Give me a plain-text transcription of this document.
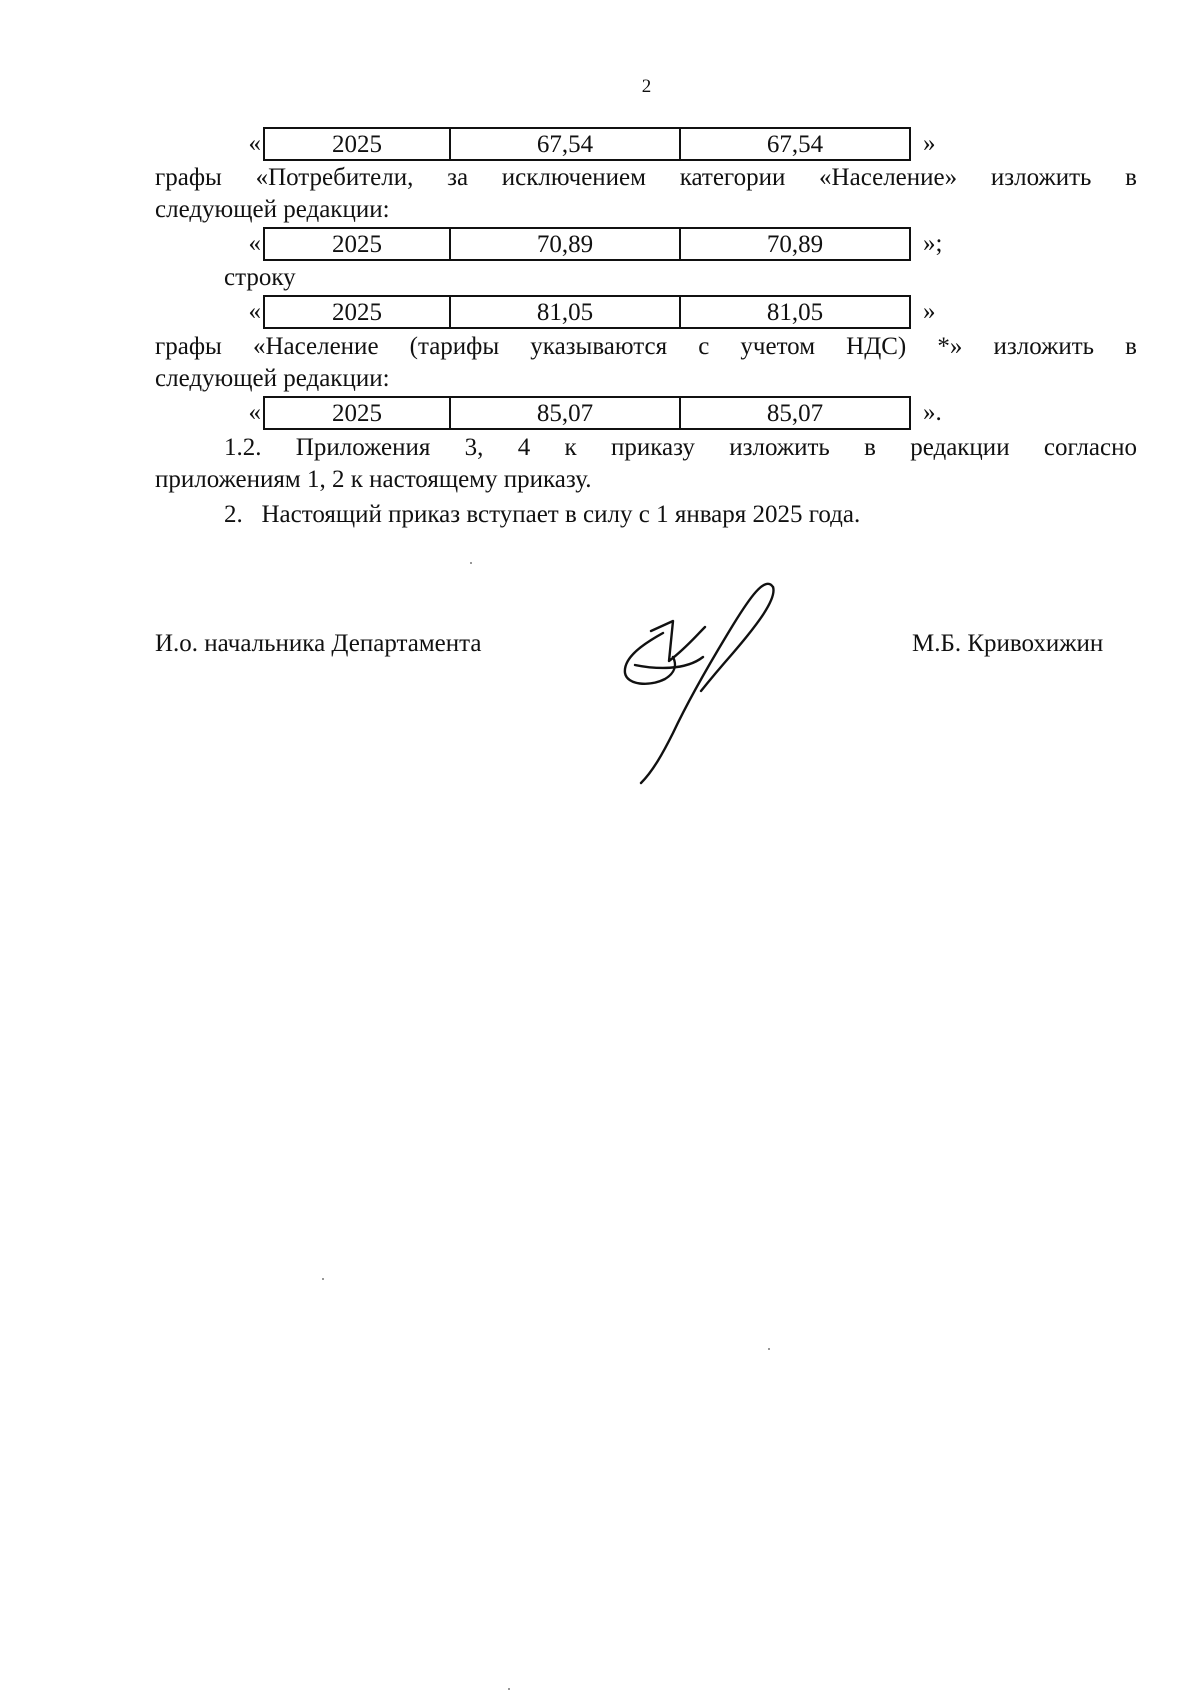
2
«	2025	67,54	67,54	»
графы «Потребители, за исключением категории «Население» изложить в
следующей редакции:
«	2025	70,89	70,89	»;
строку
«	2025	81,05	81,05	»
графы «Население (тарифы указываются с учетом НДС) *» изложить в
следующей редакции:
«	2025	85,07	85,07	».
1.2. Приложения 3, 4 к приказу изложить в редакции согласно
приложениям 1, 2 к настоящему приказу.
2.   Настоящий приказ вступает в силу с 1 января 2025 года.
И.о. начальника Департамента	М.Б. Кривохижин
